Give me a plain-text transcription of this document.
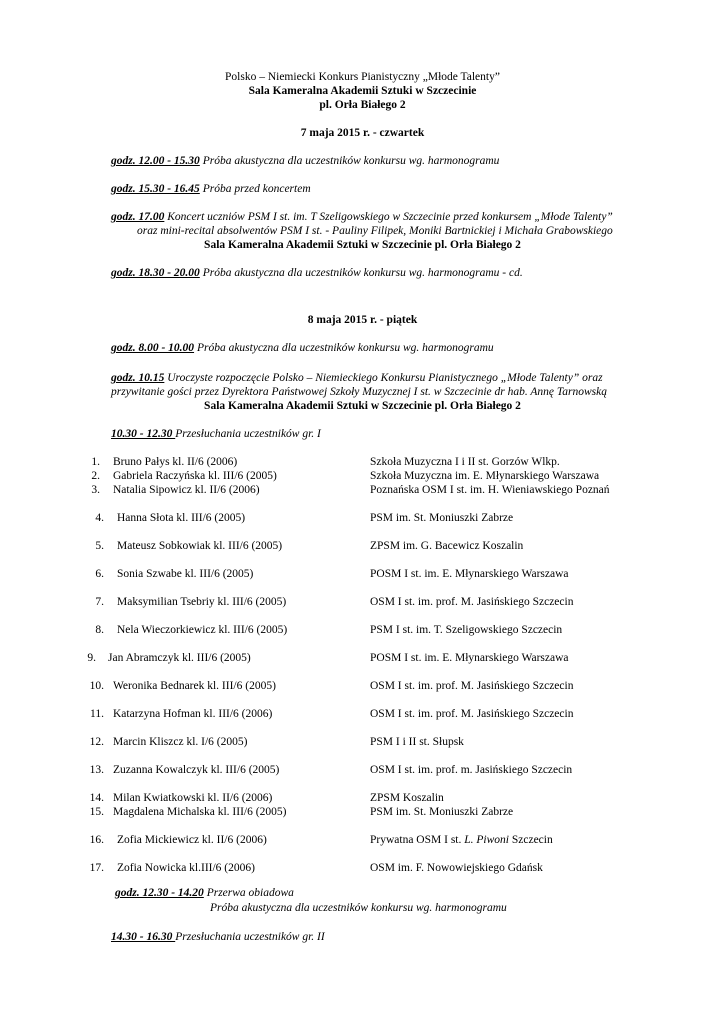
Polsko – Niemiecki Konkurs Pianistyczny „Młode Talenty”
Sala Kameralna Akademii Sztuki w Szczecinie
pl. Orła Białego 2
7 maja 2015 r. - czwartek
godz. 12.00 - 15.30 Próba akustyczna dla uczestników konkursu wg. harmonogramu
godz. 15.30 - 16.45 Próba przed koncertem
godz. 17.00 Koncert uczniów PSM I st. im. T Szeligowskiego w Szczecinie przed konkursem „Młode Talenty”
oraz mini-recital absolwentów PSM I st. - Pauliny Filipek, Moniki Bartnickiej i Michała Grabowskiego
Sala Kameralna Akademii Sztuki w Szczecinie pl. Orła Białego 2
godz. 18.30 - 20.00 Próba akustyczna dla uczestników konkursu wg. harmonogramu - cd.
8 maja 2015 r. - piątek
godz. 8.00 - 10.00 Próba akustyczna dla uczestników konkursu wg. harmonogramu
godz. 10.15 Uroczyste rozpoczęcie Polsko – Niemieckiego Konkursu Pianistycznego „Młode Talenty” oraz
przywitanie gości przez Dyrektora Państwowej Szkoły Muzycznej I st. w Szczecinie dr hab. Annę Tarnowską
Sala Kameralna Akademii Sztuki w Szczecinie pl. Orła Białego 2
10.30 - 12.30 Przesłuchania uczestników gr. I
1. Bruno Pałys kl. II/6 (2006)	Szkoła Muzyczna I i II st. Gorzów Wlkp.
2. Gabriela Raczyńska kl. III/6 (2005)	Szkoła Muzyczna im. E. Młynarskiego Warszawa
3. Natalia Sipowicz kl. II/6 (2006)	Poznańska OSM I st. im. H. Wieniawskiego Poznań
4. Hanna Słota kl. III/6 (2005)	PSM im. St. Moniuszki Zabrze
5. Mateusz Sobkowiak kl. III/6 (2005)	ZPSM im. G. Bacewicz Koszalin
6. Sonia Szwabe kl. III/6 (2005)	POSM I st. im. E. Młynarskiego Warszawa
7. Maksymilian Tsebriy kl. III/6 (2005)	OSM I st. im. prof. M. Jasińskiego Szczecin
8. Nela Wieczorkiewicz kl. III/6 (2005)	PSM I st. im. T. Szeligowskiego Szczecin
9. Jan Abramczyk kl. III/6 (2005)	POSM I st. im. E. Młynarskiego Warszawa
10. Weronika Bednarek kl. III/6 (2005)	OSM I st. im. prof. M. Jasińskiego Szczecin
11. Katarzyna Hofman kl. III/6 (2006)	OSM I st. im. prof. M. Jasińskiego Szczecin
12. Marcin Kliszcz kl. I/6 (2005)	PSM I i II st. Słupsk
13. Zuzanna Kowalczyk kl. III/6 (2005)	OSM I st. im. prof. m. Jasińskiego Szczecin
14. Milan Kwiatkowski kl. II/6 (2006)	ZPSM Koszalin
15. Magdalena Michalska kl. III/6 (2005)	PSM im. St. Moniuszki Zabrze
16. Zofia Mickiewicz kl. II/6 (2006)	Prywatna OSM I st. L. Piwoni Szczecin
17. Zofia Nowicka kl.III/6 (2006)	OSM im. F. Nowowiejskiego Gdańsk
godz. 12.30 - 14.20 Przerwa obiadowa
Próba akustyczna dla uczestników konkursu wg. harmonogramu
14.30 - 16.30 Przesłuchania uczestników gr. II
